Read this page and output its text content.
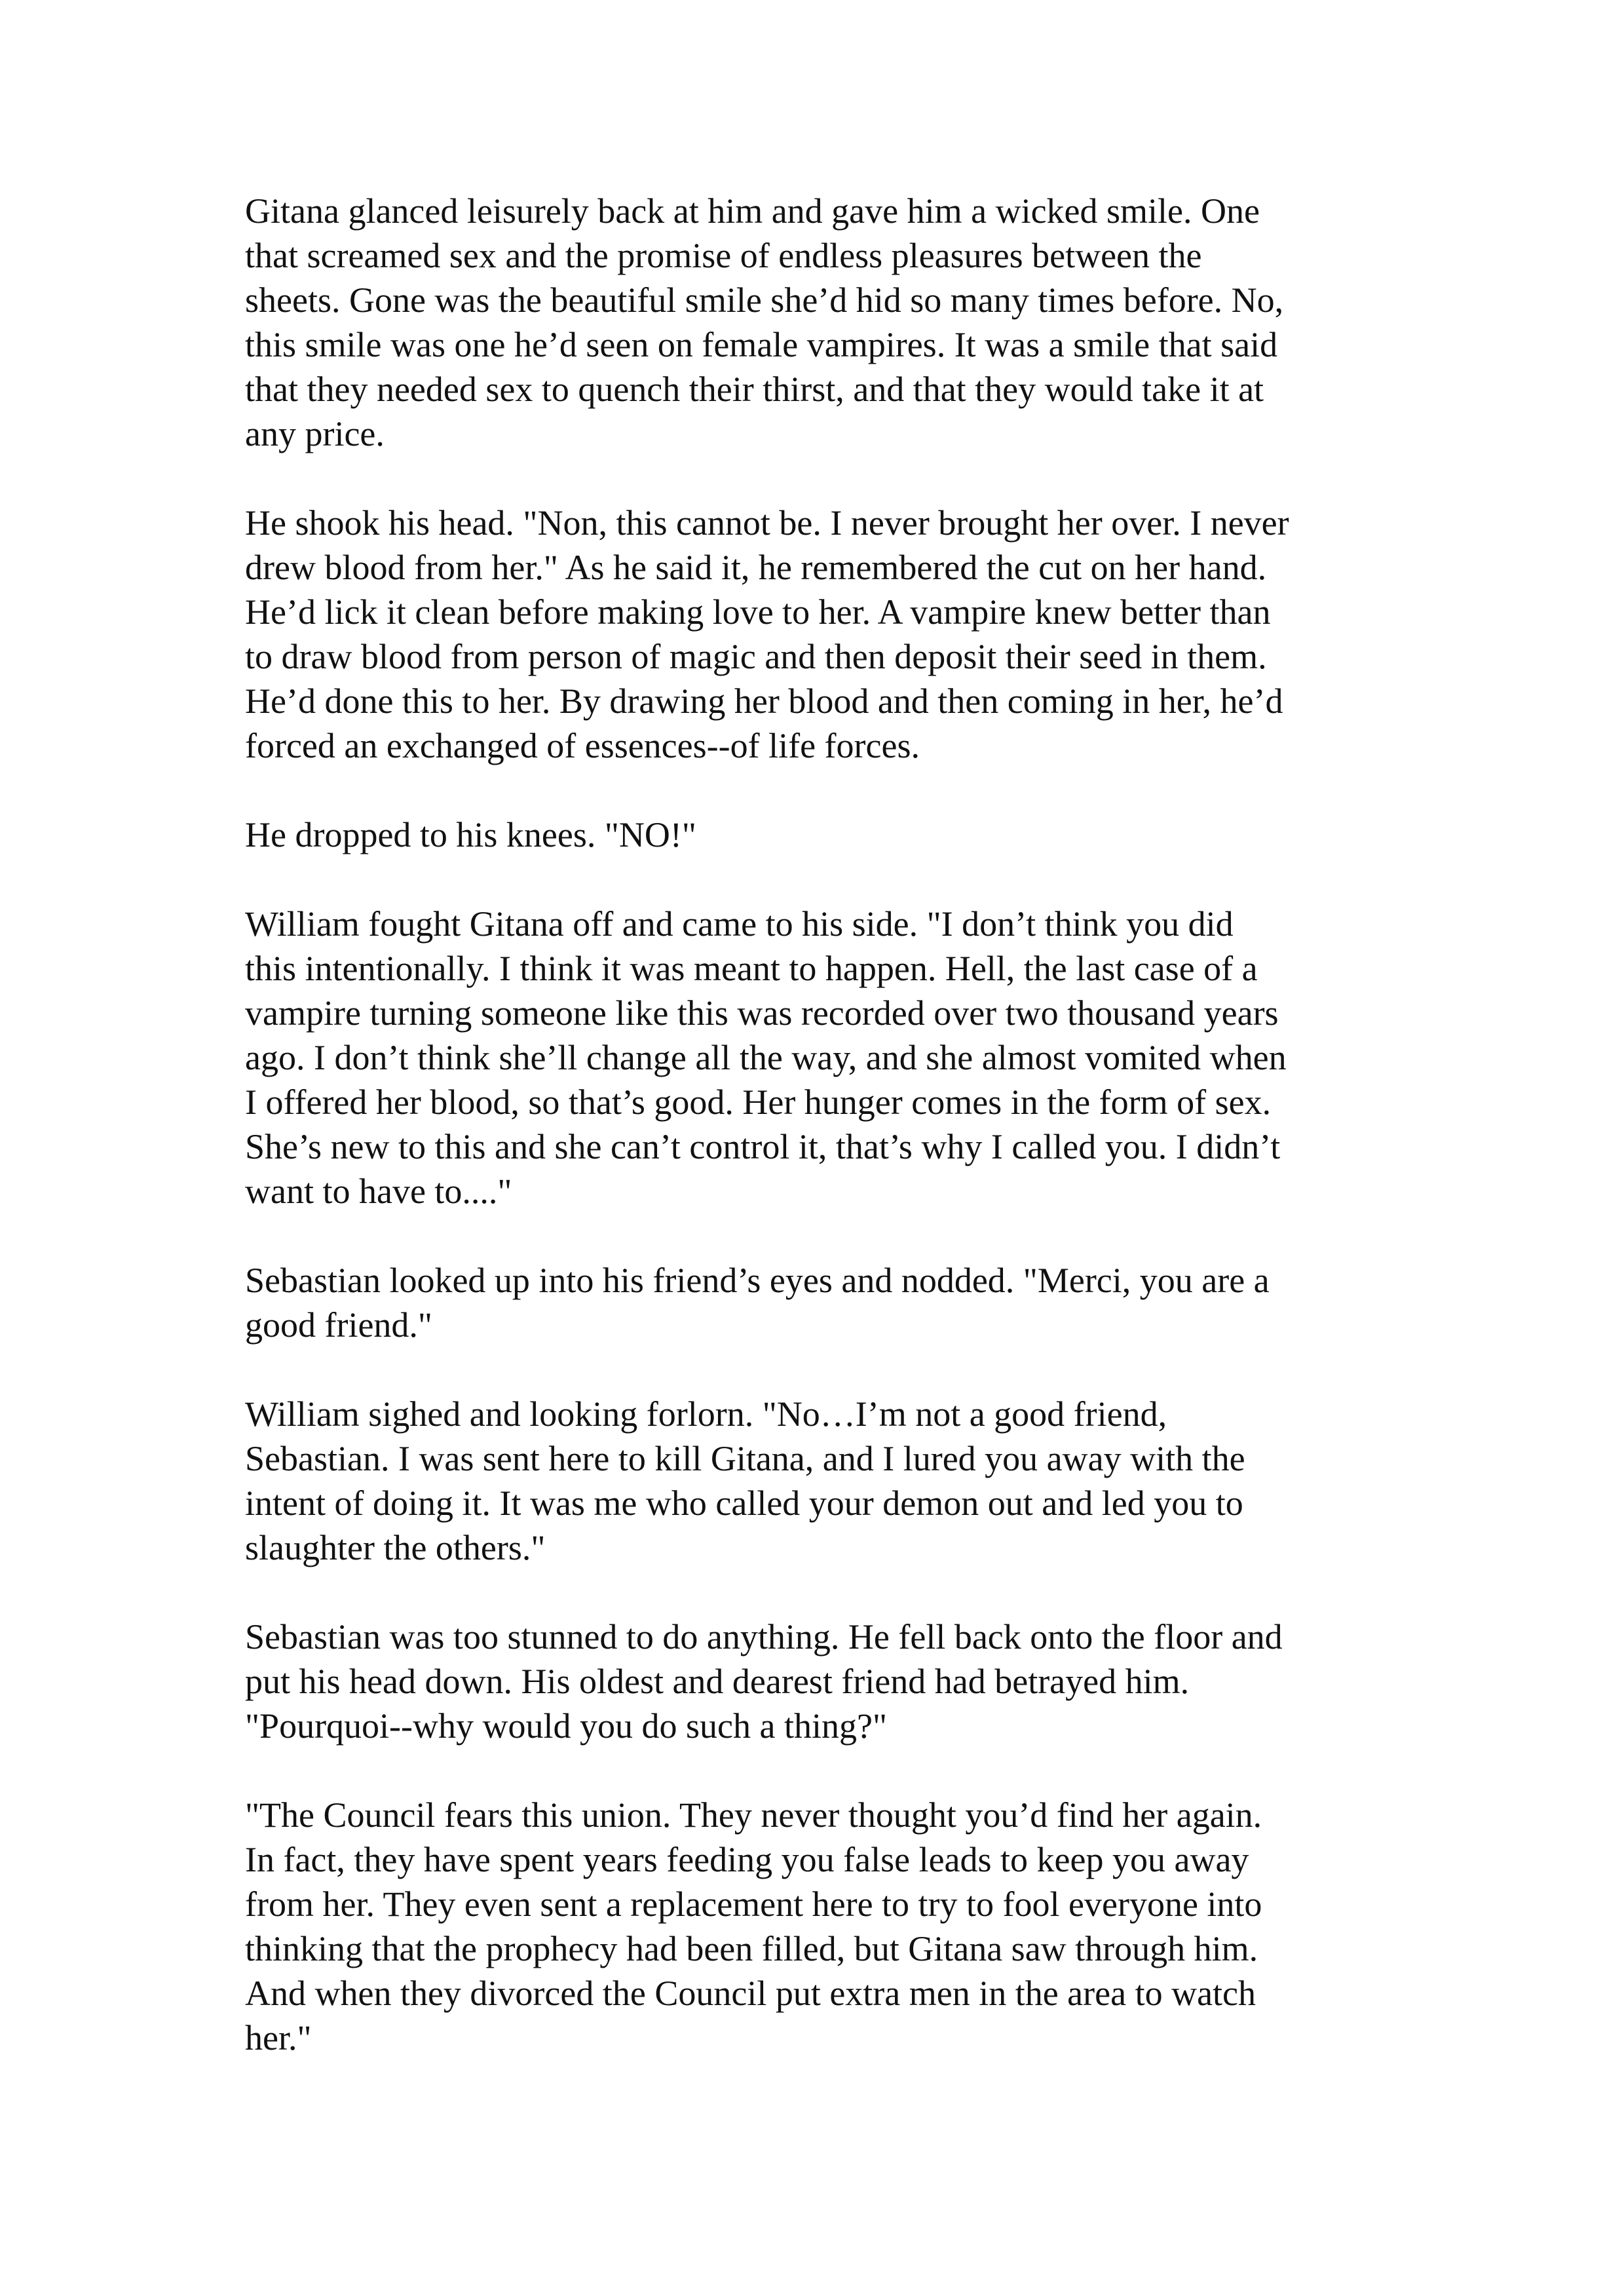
Gitana glanced leisurely back at him and gave him a wicked smile. One
that screamed sex and the promise of endless pleasures between the
sheets. Gone was the beautiful smile she’d hid so many times before. No,
this smile was one he’d seen on female vampires. It was a smile that said
that they needed sex to quench their thirst, and that they would take it at
any price.

He shook his head. "Non, this cannot be. I never brought her over. I never
drew blood from her." As he said it, he remembered the cut on her hand.
He’d lick it clean before making love to her. A vampire knew better than
to draw blood from person of magic and then deposit their seed in them.
He’d done this to her. By drawing her blood and then coming in her, he’d
forced an exchanged of essences--of life forces.

He dropped to his knees. "NO!"

William fought Gitana off and came to his side. "I don’t think you did
this intentionally. I think it was meant to happen. Hell, the last case of a
vampire turning someone like this was recorded over two thousand years
ago. I don’t think she’ll change all the way, and she almost vomited when
I offered her blood, so that’s good. Her hunger comes in the form of sex.
She’s new to this and she can’t control it, that’s why I called you. I didn’t
want to have to...."

Sebastian looked up into his friend’s eyes and nodded. "Merci, you are a
good friend."

William sighed and looking forlorn. "No…I’m not a good friend,
Sebastian. I was sent here to kill Gitana, and I lured you away with the
intent of doing it. It was me who called your demon out and led you to
slaughter the others."

Sebastian was too stunned to do anything. He fell back onto the floor and
put his head down. His oldest and dearest friend had betrayed him.
"Pourquoi--why would you do such a thing?"

"The Council fears this union. They never thought you’d find her again.
In fact, they have spent years feeding you false leads to keep you away
from her. They even sent a replacement here to try to fool everyone into
thinking that the prophecy had been filled, but Gitana saw through him.
And when they divorced the Council put extra men in the area to watch
her."
